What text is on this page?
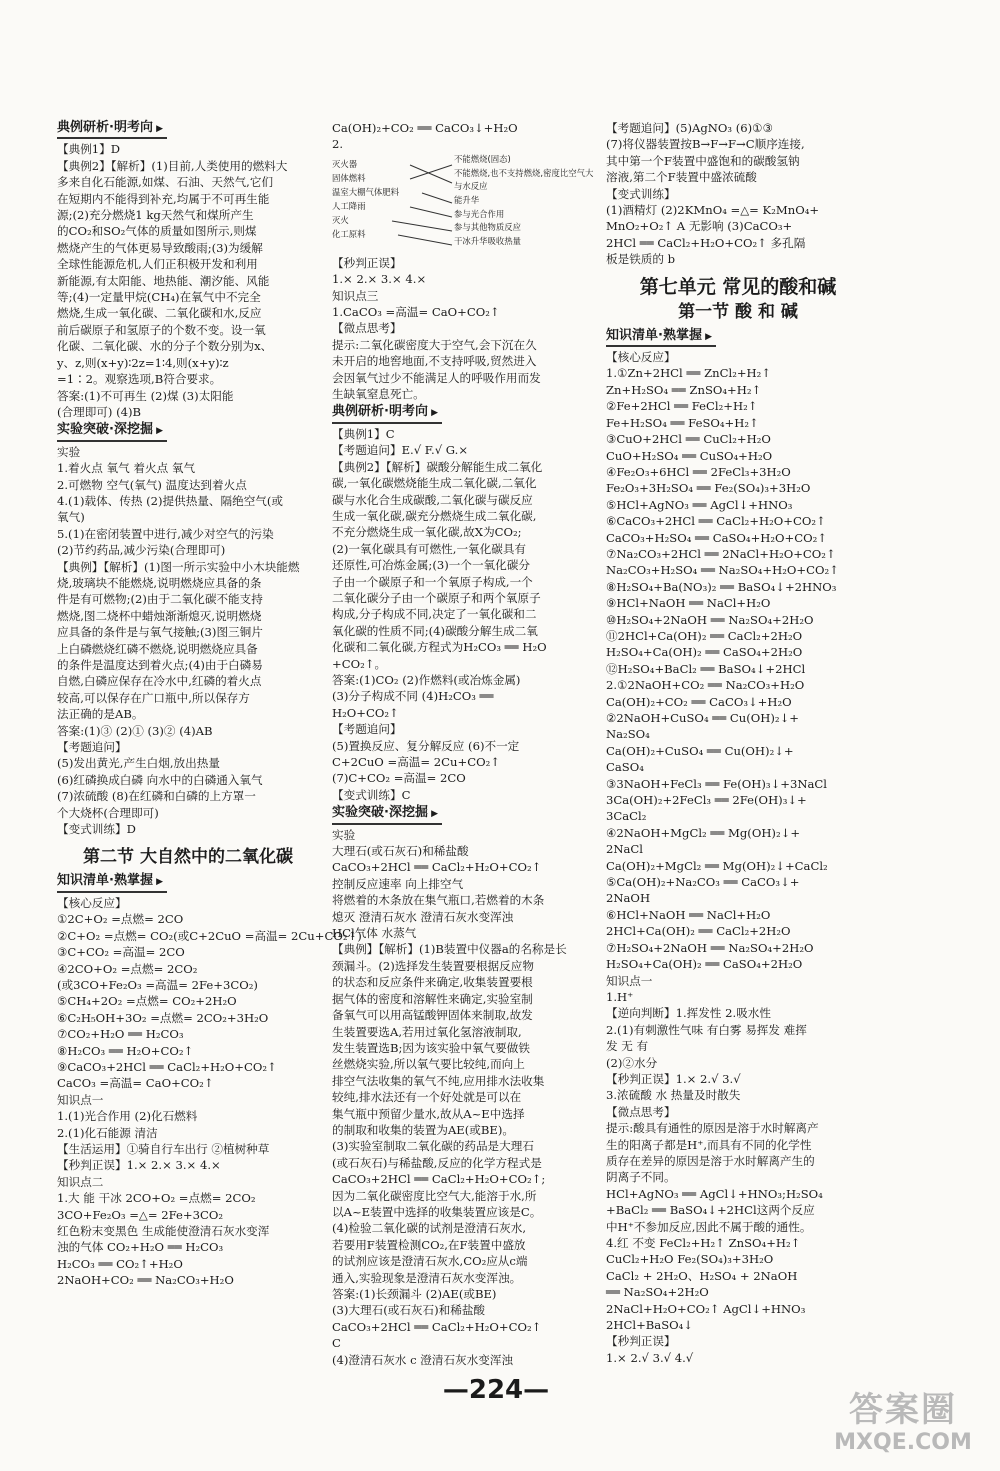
典例研析·明考向 ▶

【典例1】D
【典例2】【解析】(1)目前,人类使用的燃料大
多来自化石能源,如煤、石油、天然气,它们
在短期内不能得到补充,均属于不可再生能
源;(2)充分燃烧1 kg天然气和煤所产生
的CO₂和SO₂气体的质量如图所示,则煤
燃烧产生的气体更易导致酸雨;(3)为缓解
全球性能源危机,人们正积极开发和利用
新能源,有太阳能、地热能、潮汐能、风能
等;(4)一定量甲烷(CH₄)在氧气中不完全
燃烧,生成一氧化碳、二氧化碳和水,反应
前后碳原子和氢原子的个数不变。设一氧
化碳、二氧化碳、水的分子个数分别为x、
y、z,则(x+y)∶2z=1∶4,则(x+y)∶z
=1∶2。观察选项,B符合要求。
答案:(1)不可再生 (2)煤 (3)太阳能
(合理即可) (4)B
实验突破·深挖掘 ▶

实验
1.着火点 氧气 着火点 氧气
2.可燃物 空气(氧气) 温度达到着火点
4.(1)载体、传热 (2)提供热量、隔绝空气(或
氧气)
5.(1)在密闭装置中进行,减少对空气的污染
(2)节约药品,减少污染(合理即可)
【典例】【解析】(1)图一所示实验中小木块能燃
烧,玻璃块不能燃烧,说明燃烧应具备的条
件是有可燃物;(2)由于二氧化碳不能支持
燃烧,图二烧杯中蜡烛渐渐熄灭,说明燃烧
应具备的条件是与氧气接触;(3)图三铜片
上白磷燃烧红磷不燃烧,说明燃烧应具备
的条件是温度达到着火点;(4)由于白磷易
自燃,白磷应保存在冷水中,红磷的着火点
较高,可以保存在广口瓶中,所以保存方
法正确的是AB。
答案:(1)③ (2)① (3)② (4)AB
【考题追问】
(5)发出黄光,产生白烟,放出热量
(6)红磷换成白磷 向水中的白磷通入氧气
(7)浓硫酸 (8)在红磷和白磷的上方罩一
个大烧杯(合理即可)
【变式训练】D
第二节 大自然中的二氧化碳
知识清单·熟掌握 ▶

【核心反应】
①2C+O₂ =点燃= 2CO
②C+O₂ =点燃= CO₂(或C+2CuO =高温= 2Cu+CO₂↑)
③C+CO₂ =高温= 2CO
④2CO+O₂ =点燃= 2CO₂
(或3CO+Fe₂O₃ =高温= 2Fe+3CO₂)
⑤CH₄+2O₂ =点燃= CO₂+2H₂O
⑥C₂H₅OH+3O₂ =点燃= 2CO₂+3H₂O
⑦CO₂+H₂O ══ H₂CO₃
⑧H₂CO₃ ══ H₂O+CO₂↑
⑨CaCO₃+2HCl ══ CaCl₂+H₂O+CO₂↑
CaCO₃ =高温= CaO+CO₂↑
知识点一
1.(1)光合作用 (2)化石燃料
2.(1)化石能源 清洁
【生活运用】①骑自行车出行 ②植树种草
【秒判正误】1.× 2.× 3.× 4.×
知识点二
1.大 能 干冰 2CO+O₂ =点燃= 2CO₂
3CO+Fe₂O₃ =△= 2Fe+3CO₂
红色粉末变黑色 生成能使澄清石灰水变浑
浊的气体 CO₂+H₂O ══ H₂CO₃
H₂CO₃ ══ CO₂↑+H₂O
2NaOH+CO₂ ══ Na₂CO₃+H₂O
Ca(OH)₂+CO₂ ══ CaCO₃↓+H₂O
2.
灭火器
固体燃料
温室大棚气体肥料
人工降雨
灭火
化工原料
不能燃烧(固态)
不能燃烧,也不支持燃烧,密度比空气大
与水反应
能升华
参与光合作用
参与其他物质反应
干冰升华吸收热量
【秒判正误】
1.× 2.× 3.× 4.×
知识点三
1.CaCO₃ =高温= CaO+CO₂↑
【微点思考】
提示:二氧化碳密度大于空气,会下沉在久
未开启的地窖地面,不支持呼吸,贸然进入
会因氧气过少不能满足人的呼吸作用而发
生缺氧窒息死亡。
典例研析·明考向 ▶

【典例1】C
【考题追问】E.√ F.√ G.×
【典例2】【解析】碳酸分解能生成二氧化
碳,一氧化碳燃烧能生成二氧化碳,二氧化
碳与水化合生成碳酸,二氧化碳与碳反应
生成一氧化碳,碳充分燃烧生成二氧化碳,
不充分燃烧生成一氧化碳,故X为CO₂;
(2)一氧化碳具有可燃性,一氧化碳具有
还原性,可冶炼金属;(3)一个一氧化碳分
子由一个碳原子和一个氧原子构成,一个
二氧化碳分子由一个碳原子和两个氧原子
构成,分子构成不同,决定了一氧化碳和二
氧化碳的性质不同;(4)碳酸分解生成二氧
化碳和二氧化碳,方程式为H₂CO₃ ══ H₂O
+CO₂↑。
答案:(1)CO₂ (2)作燃料(或冶炼金属)
(3)分子构成不同 (4)H₂CO₃ ══
H₂O+CO₂↑
【考题追问】
(5)置换反应、复分解反应 (6)不一定
C+2CuO =高温= 2Cu+CO₂↑
(7)C+CO₂ =高温= 2CO
【变式训练】C
实验突破·深挖掘 ▶

实验
大理石(或石灰石)和稀盐酸
CaCO₃+2HCl ══ CaCl₂+H₂O+CO₂↑
控制反应速率 向上排空气
将燃着的木条放在集气瓶口,若燃着的木条
熄灭 澄清石灰水 澄清石灰水变浑浊
HCl气体 水蒸气
【典例】【解析】(1)B装置中仪器a的名称是长
颈漏斗。(2)选择发生装置要根据反应物
的状态和反应条件来确定,收集装置要根
据气体的密度和溶解性来确定,实验室制
备氧气可以用高锰酸钾固体来制取,故发
生装置要选A,若用过氧化氢溶液制取,
发生装置选B;因为该实验中氧气要做铁
丝燃烧实验,所以氧气要比较纯,而向上
排空气法收集的氧气不纯,应用排水法收集
较纯,排水法还有一个好处就是可以在
集气瓶中预留少量水,故从A~E中选择
的制取和收集的装置为AE(或BE)。
(3)实验室制取二氧化碳的药品是大理石
(或石灰石)与稀盐酸,反应的化学方程式是
CaCO₃+2HCl ══ CaCl₂+H₂O+CO₂↑;
因为二氧化碳密度比空气大,能溶于水,所
以A~E装置中选择的收集装置应该是C。
(4)检验二氧化碳的试剂是澄清石灰水,
若要用F装置检测CO₂,在F装置中盛放
的试剂应该是澄清石灰水,CO₂应从c端
通入,实验现象是澄清石灰水变浑浊。
答案:(1)长颈漏斗 (2)AE(或BE)
(3)大理石(或石灰石)和稀盐酸
CaCO₃+2HCl ══ CaCl₂+H₂O+CO₂↑
C
(4)澄清石灰水 c 澄清石灰水变浑浊
【考题追问】(5)AgNO₃ (6)①③
(7)将仪器装置按B→F→F→C顺序连接,
其中第一个F装置中盛饱和的碳酸氢钠
溶液,第二个F装置中盛浓硫酸
【变式训练】
(1)酒精灯 (2)2KMnO₄ =△= K₂MnO₄+
MnO₂+O₂↑ A 无影响 (3)CaCO₃+
2HCl ══ CaCl₂+H₂O+CO₂↑ 多孔隔
板是铁质的 b
第七单元 常见的酸和碱
第一节 酸 和 碱
知识清单·熟掌握 ▶

【核心反应】
1.①Zn+2HCl ══ ZnCl₂+H₂↑
Zn+H₂SO₄ ══ ZnSO₄+H₂↑
②Fe+2HCl ══ FeCl₂+H₂↑
Fe+H₂SO₄ ══ FeSO₄+H₂↑
③CuO+2HCl ══ CuCl₂+H₂O
CuO+H₂SO₄ ══ CuSO₄+H₂O
④Fe₂O₃+6HCl ══ 2FeCl₃+3H₂O
Fe₂O₃+3H₂SO₄ ══ Fe₂(SO₄)₃+3H₂O
⑤HCl+AgNO₃ ══ AgCl↓+HNO₃
⑥CaCO₃+2HCl ══ CaCl₂+H₂O+CO₂↑
CaCO₃+H₂SO₄ ══ CaSO₄+H₂O+CO₂↑
⑦Na₂CO₃+2HCl ══ 2NaCl+H₂O+CO₂↑
Na₂CO₃+H₂SO₄ ══ Na₂SO₄+H₂O+CO₂↑
⑧H₂SO₄+Ba(NO₃)₂ ══ BaSO₄↓+2HNO₃
⑨HCl+NaOH ══ NaCl+H₂O
⑩H₂SO₄+2NaOH ══ Na₂SO₄+2H₂O
⑪2HCl+Ca(OH)₂ ══ CaCl₂+2H₂O
H₂SO₄+Ca(OH)₂ ══ CaSO₄+2H₂O
⑫H₂SO₄+BaCl₂ ══ BaSO₄↓+2HCl
2.①2NaOH+CO₂ ══ Na₂CO₃+H₂O
Ca(OH)₂+CO₂ ══ CaCO₃↓+H₂O
②2NaOH+CuSO₄ ══ Cu(OH)₂↓+
Na₂SO₄
Ca(OH)₂+CuSO₄ ══ Cu(OH)₂↓+
CaSO₄
③3NaOH+FeCl₃ ══ Fe(OH)₃↓+3NaCl
3Ca(OH)₂+2FeCl₃ ══ 2Fe(OH)₃↓+
3CaCl₂
④2NaOH+MgCl₂ ══ Mg(OH)₂↓+
2NaCl
Ca(OH)₂+MgCl₂ ══ Mg(OH)₂↓+CaCl₂
⑤Ca(OH)₂+Na₂CO₃ ══ CaCO₃↓+
2NaOH
⑥HCl+NaOH ══ NaCl+H₂O
2HCl+Ca(OH)₂ ══ CaCl₂+2H₂O
⑦H₂SO₄+2NaOH ══ Na₂SO₄+2H₂O
H₂SO₄+Ca(OH)₂ ══ CaSO₄+2H₂O
知识点一
1.H⁺
【逆向判断】1.挥发性 2.吸水性
2.(1)有刺激性气味 有白雾 易挥发 难挥
发 无 有
(2)②水分
【秒判正误】1.× 2.√ 3.√
3.浓硫酸 水 热量及时散失
【微点思考】
提示:酸具有通性的原因是溶于水时解离产
生的阳离子都是H⁺,而具有不同的化学性
质存在差异的原因是溶于水时解离产生的
阴离子不同。
HCl+AgNO₃ ══ AgCl↓+HNO₃;H₂SO₄
+BaCl₂ ══ BaSO₄↓+2HCl这两个反应
中H⁺不参加反应,因此不属于酸的通性。
4.红 不变 FeCl₂+H₂↑ ZnSO₄+H₂↑
CuCl₂+H₂O Fe₂(SO₄)₃+3H₂O
CaCl₂ + 2H₂O、H₂SO₄ + 2NaOH
══ Na₂SO₄+2H₂O
2NaCl+H₂O+CO₂↑ AgCl↓+HNO₃
2HCl+BaSO₄↓
【秒判正误】
1.× 2.√ 3.√ 4.√
—224—	答案圈
MXQE.COM
